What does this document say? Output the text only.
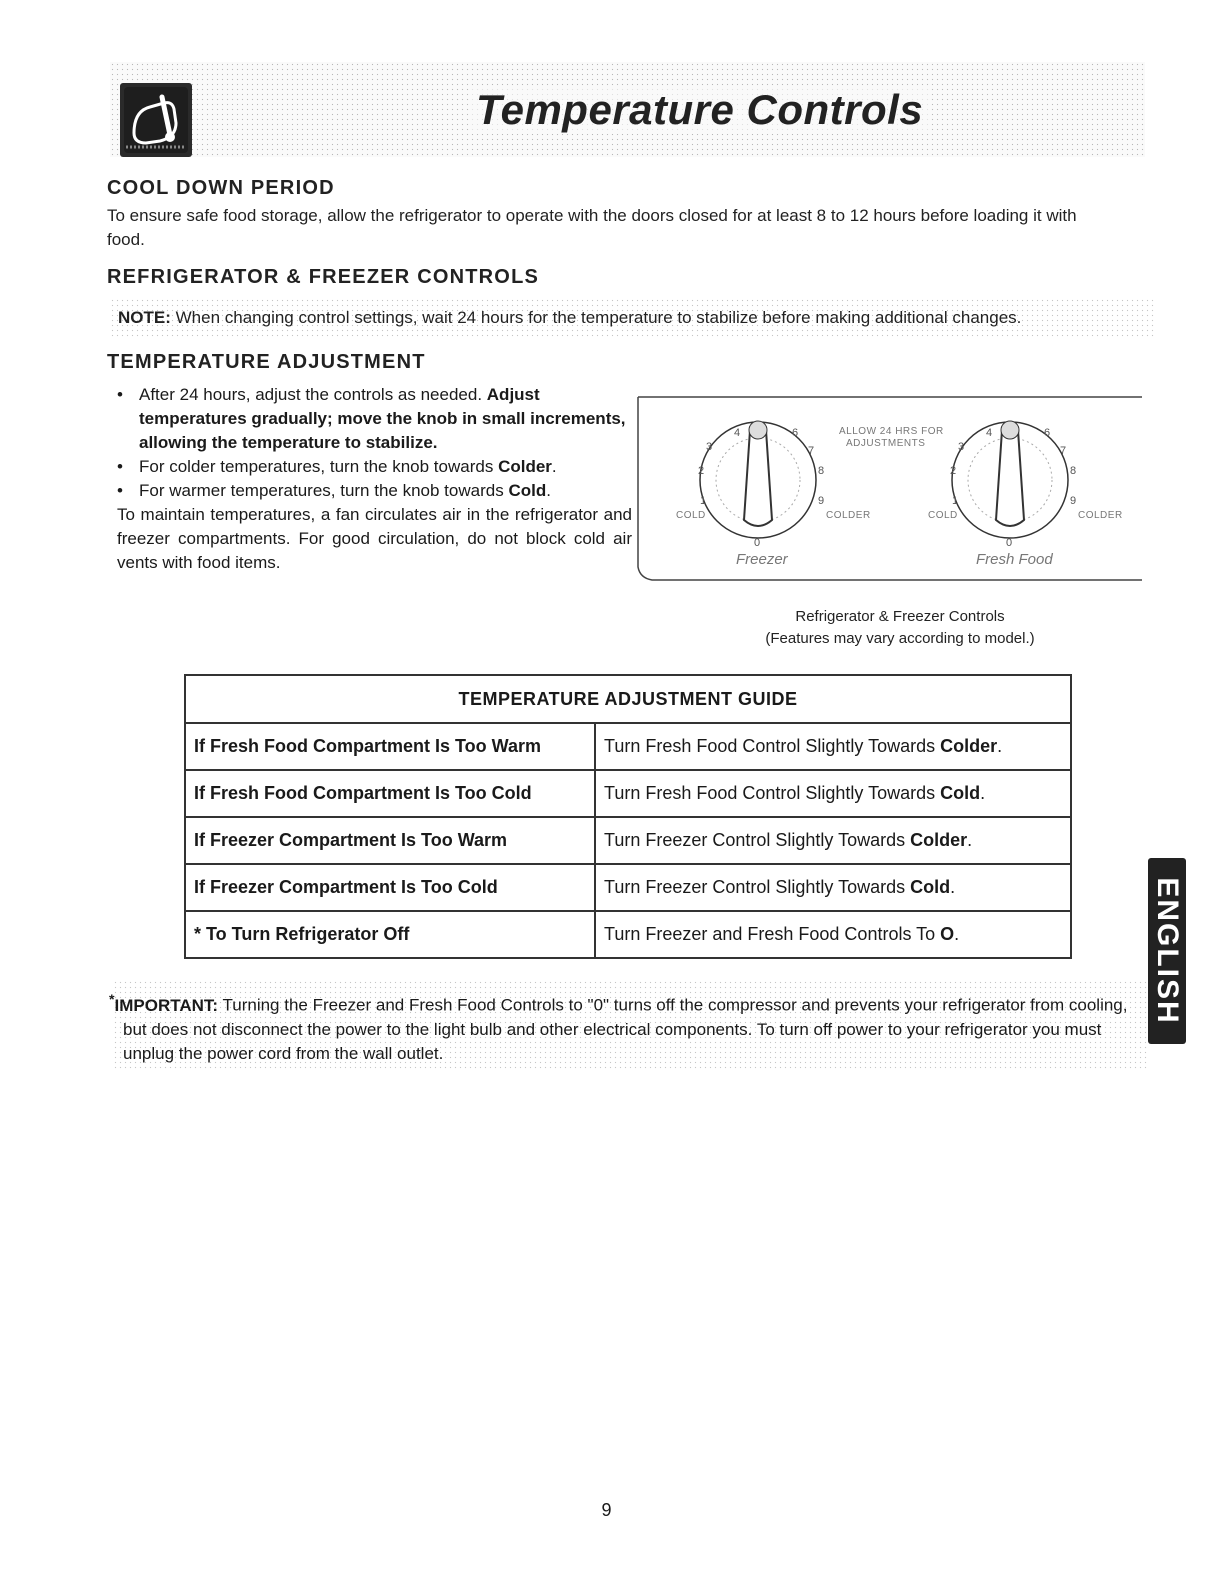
Temperature Controls
COOL DOWN PERIOD

To ensure safe food storage, allow the refrigerator to operate with the doors closed for at least 8 to 12 hours before loading it with food.

REFRIGERATOR & FREEZER CONTROLS
NOTE: When changing control settings, wait 24 hours for the temperature to stabilize before making additional changes.
TEMPERATURE ADJUSTMENT
• After 24 hours, adjust the controls as needed. Adjust temperatures gradually; move the knob in small increments, allowing the temperature to stabilize.
• For colder temperatures, turn the knob towards Colder.
• For warmer temperatures, turn the knob towards Cold.

To maintain temperatures, a fan circulates air in the refrigerator and freezer compartments. For good circulation, do not block cold air vents with food items.

4	6
3	7
2	8
1	9
0
4	6
3	7
2	8
1	9
0
COLD	COLDER	COLD	COLDER
ALLOW 24 HRS FOR
ADJUSTMENTS
Freezer	Fresh Food
Refrigerator & Freezer Controls
(Features may vary according to model.)
TEMPERATURE ADJUSTMENT GUIDE	
If Fresh Food Compartment Is Too Warm	Turn Fresh Food Control Slightly Towards Colder.
If Fresh Food Compartment Is Too Cold	Turn Fresh Food Control Slightly Towards Cold.
If Freezer Compartment Is Too Warm	Turn Freezer Control Slightly Towards Colder.
If Freezer Compartment Is Too Cold	Turn Freezer Control Slightly Towards Cold.
* To Turn Refrigerator Off	Turn Freezer and Fresh Food Controls To O.
*IMPORTANT: Turning the Freezer and Fresh Food Controls to "0" turns off the compressor and prevents your refrigerator from cooling, but does not disconnect the power to the light bulb and other electrical components. To turn off power to your refrigerator you must unplug the power cord from the wall outlet.
ENGLISH
9
